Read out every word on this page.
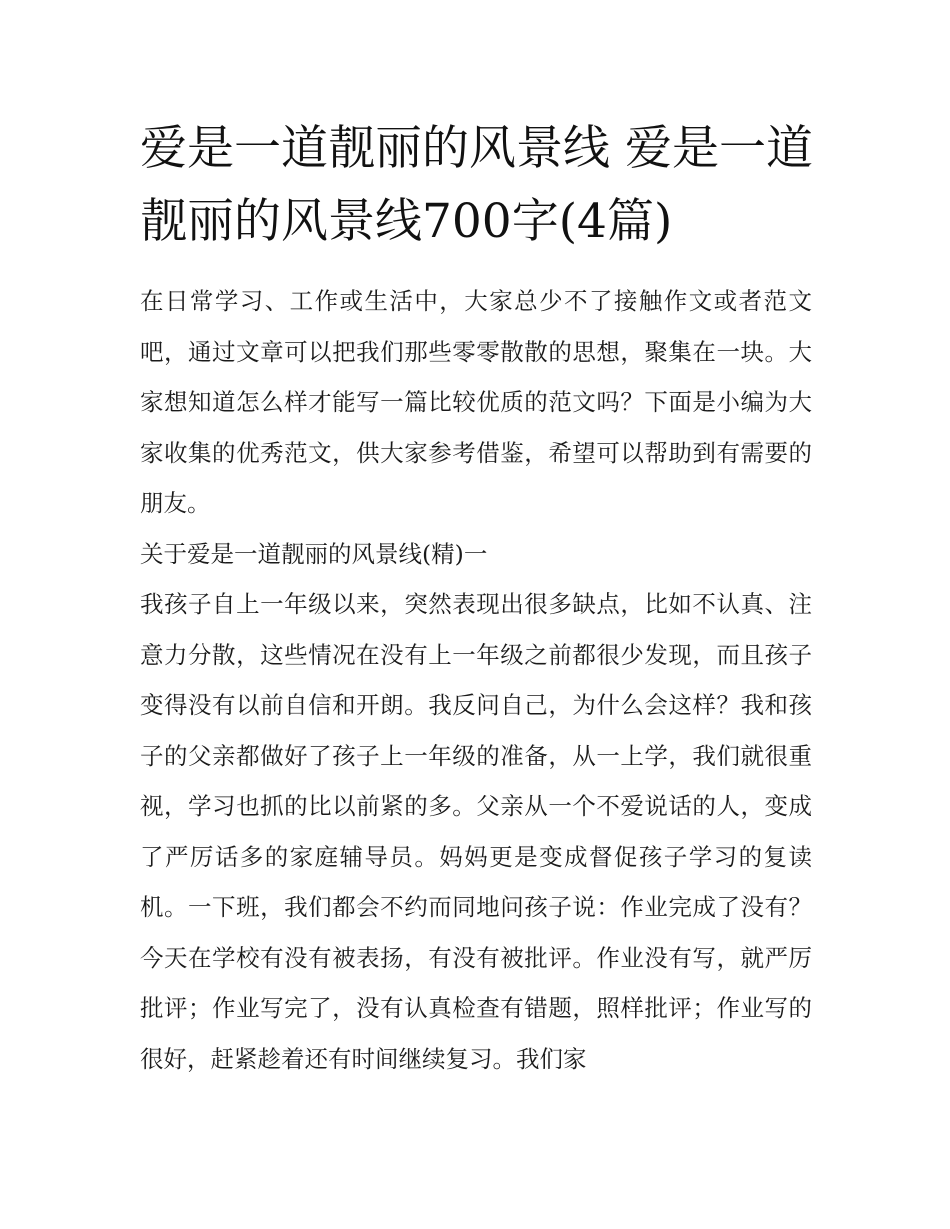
爱是一道靓丽的风景线 爱是一道靓丽的风景线700字(4篇)

在日常学习、工作或生活中，大家总少不了接触作文或者范文吧，通过文章可以把我们那些零零散散的思想，聚集在一块。大家想知道怎么样才能写一篇比较优质的范文吗？下面是小编为大家收集的优秀范文，供大家参考借鉴，希望可以帮助到有需要的朋友。

关于爱是一道靓丽的风景线(精)一

我孩子自上一年级以来，突然表现出很多缺点，比如不认真、注意力分散，这些情况在没有上一年级之前都很少发现，而且孩子变得没有以前自信和开朗。我反问自己，为什么会这样？我和孩子的父亲都做好了孩子上一年级的准备，从一上学，我们就很重视，学习也抓的比以前紧的多。父亲从一个不爱说话的人，变成了严厉话多的家庭辅导员。妈妈更是变成督促孩子学习的复读机。一下班，我们都会不约而同地问孩子说：作业完成了没有？今天在学校有没有被表扬，有没有被批评。作业没有写，就严厉批评；作业写完了，没有认真检查有错题，照样批评；作业写的很好，赶紧趁着还有时间继续复习。我们家
